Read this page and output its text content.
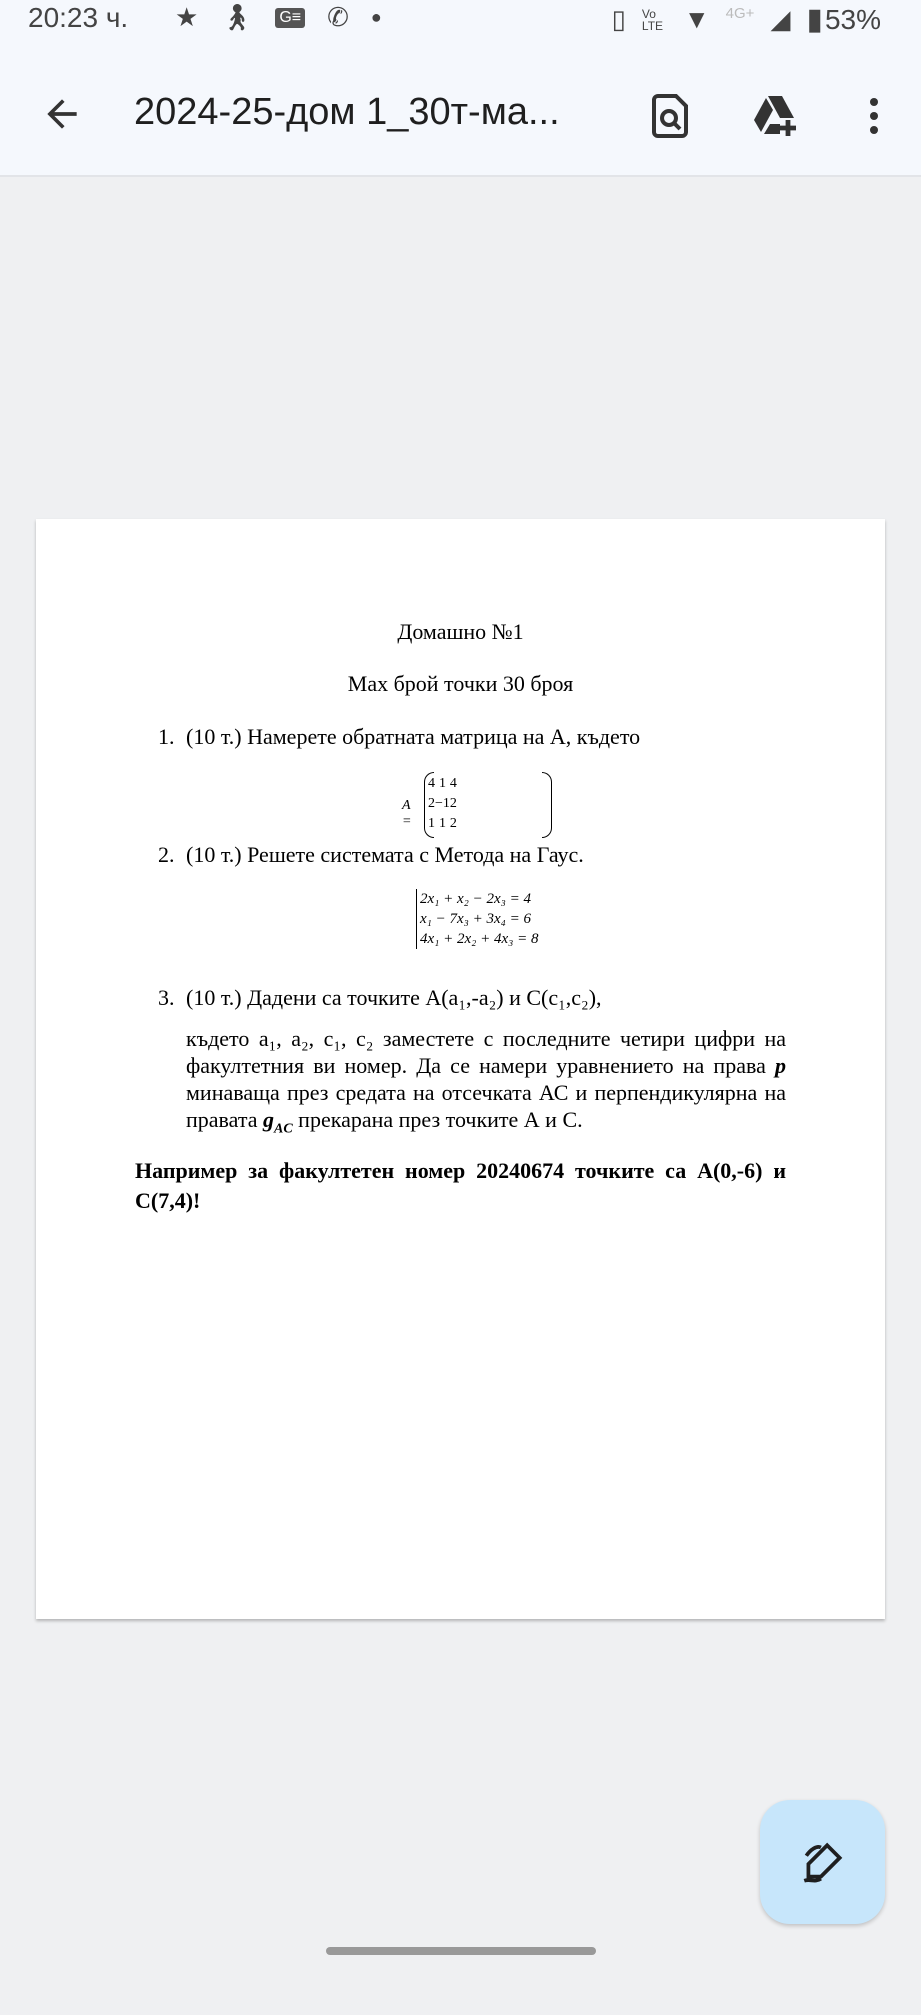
20:23 ч. ★ 🚶︎ G≡ ✆ ●	▯ Vo LTE ▼ 4G+ ◢ ▮ 53%
2024-25-дом 1_30т-ма...
Домашно №1
Max брой точки 30 броя
1. (10 т.) Намерете обратната матрица на А, където
A =
4	1	4
2	−1	2
1	1	2
2. (10 т.) Решете системата с Метода на Гаус.
2x₁ + x₂ − 2x₃ = 4
x₁ − 7x₃ + 3x₄ = 6
4x₁ + 2x₂ + 4x₃ = 8
3. (10 т.) Дадени са точките А(a₁,-a₂) и С(c₁,c₂),
където a₁, a₂, c₁, c₂ заместете с последните четири цифри на факултетния ви номер. Да се намери уравнението на права p минаваща през средата на отсечката АС и перпендикулярна на правата $g_{AC}$ прекарана през точките А и С.
Например за факултетен номер 20240674 точките са А(0,-6) и С(7,4)!
